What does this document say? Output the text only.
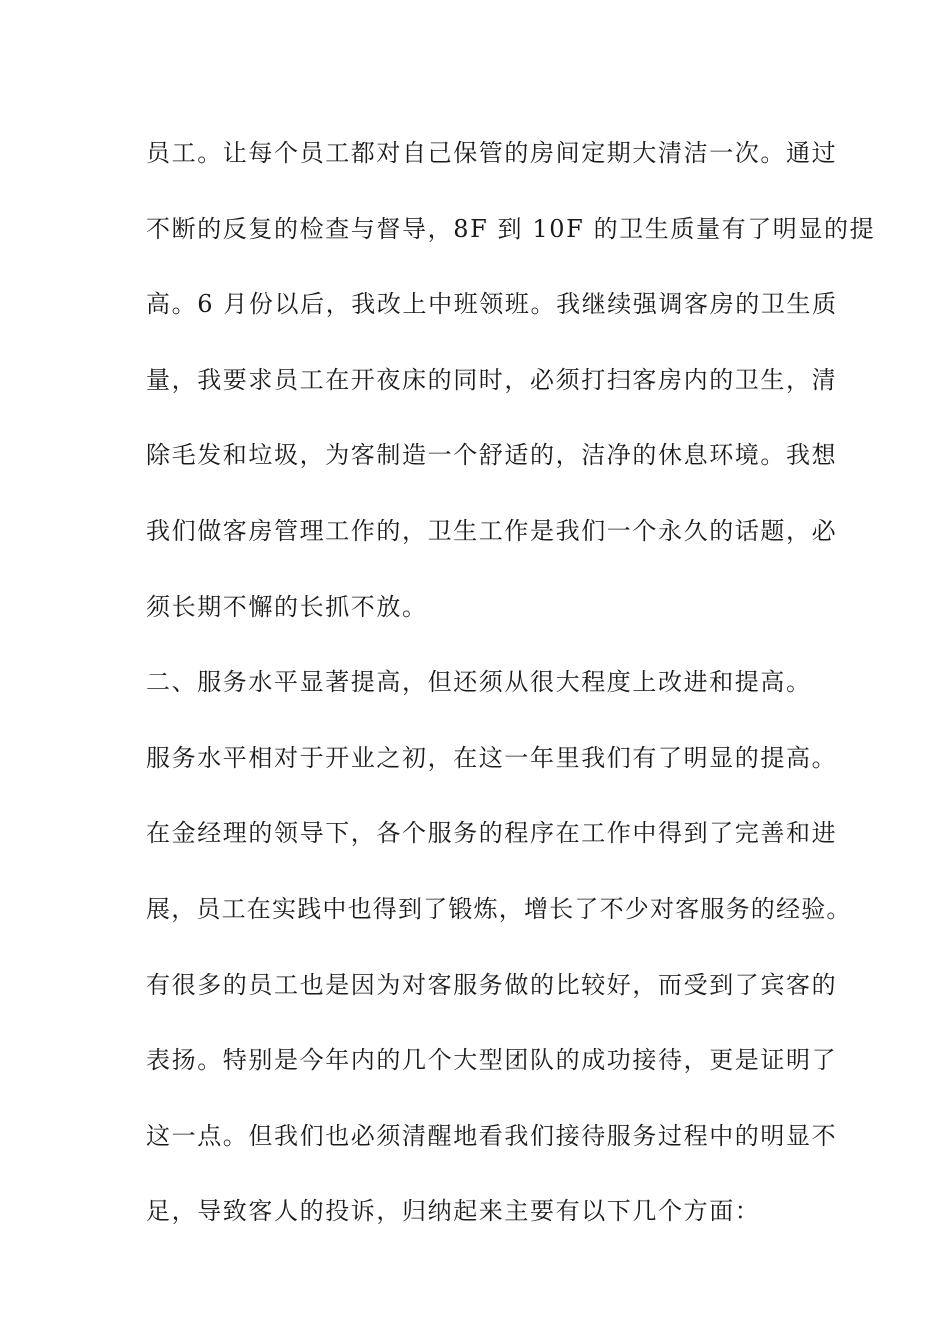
员工。让每个员工都对自己保管的房间定期大清洁一次。通过
不断的反复的检查与督导，8F 到 10F 的卫生质量有了明显的提
高。6 月份以后，我改上中班领班。我继续强调客房的卫生质
量，我要求员工在开夜床的同时，必须打扫客房内的卫生，清
除毛发和垃圾，为客制造一个舒适的，洁净的休息环境。我想
我们做客房管理工作的，卫生工作是我们一个永久的话题，必
须长期不懈的长抓不放。
二、服务水平显著提高，但还须从很大程度上改进和提高。
服务水平相对于开业之初，在这一年里我们有了明显的提高。
在金经理的领导下，各个服务的程序在工作中得到了完善和进
展，员工在实践中也得到了锻炼，增长了不少对客服务的经验。
有很多的员工也是因为对客服务做的比较好，而受到了宾客的
表扬。特别是今年内的几个大型团队的成功接待，更是证明了
这一点。但我们也必须清醒地看我们接待服务过程中的明显不
足，导致客人的投诉，归纳起来主要有以下几个方面：
